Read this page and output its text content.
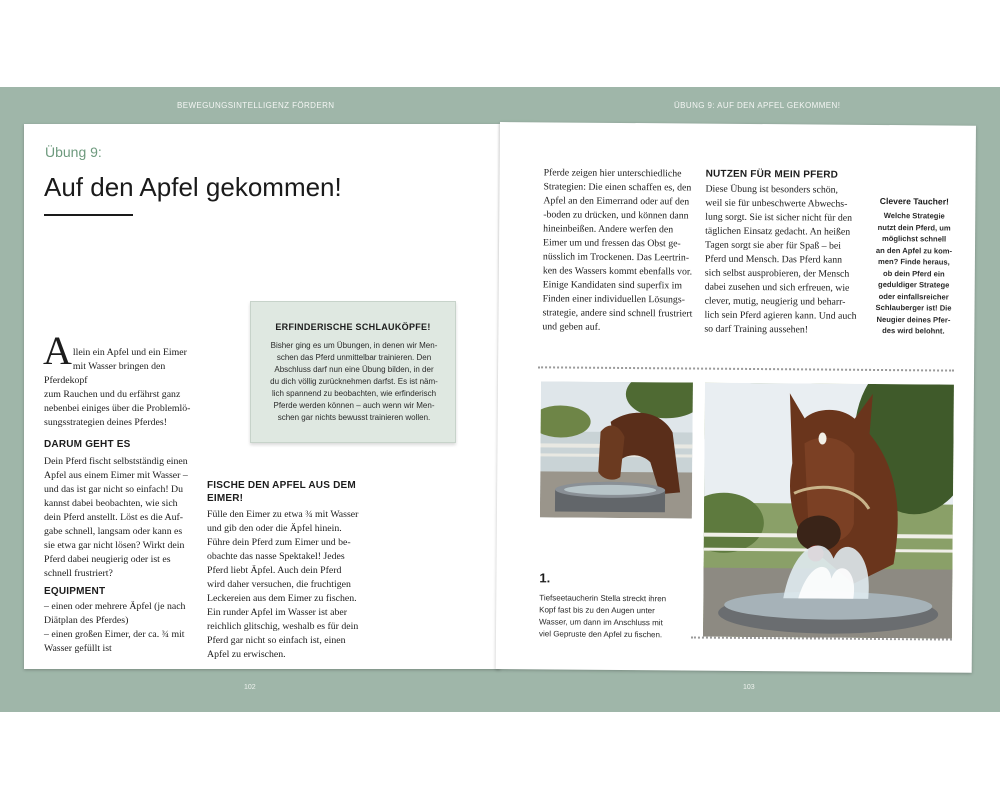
BEWEGUNGSINTELLIGENZ FÖRDERN	ÜBUNG 9: AUF DEN APFEL GEKOMMEN!
Übung 9:
Auf den Apfel gekommen!
A llein ein Apfel und ein Eimer
mit Wasser bringen den Pferdekopf
zum Rauchen und du erfährst ganz
nebenbei einiges über die Problemlö-
sungsstrategien deines Pferdes!
DARUM GEHT ES
Dein Pferd fischt selbstständig einen
Apfel aus einem Eimer mit Wasser –
und das ist gar nicht so einfach! Du
kannst dabei beobachten, wie sich
dein Pferd anstellt. Löst es die Auf-
gabe schnell, langsam oder kann es
sie etwa gar nicht lösen? Wirkt dein
Pferd dabei neugierig oder ist es
schnell frustriert?
EQUIPMENT
– einen oder mehrere Äpfel (je nach
Diätplan des Pferdes)
– einen großen Eimer, der ca. ¾ mit
Wasser gefüllt ist
ERFINDERISCHE SCHLAUKÖPFE!
Bisher ging es um Übungen, in denen wir Men-
schen das Pferd unmittelbar trainieren. Den
Abschluss darf nun eine Übung bilden, in der
du dich völlig zurücknehmen darfst. Es ist näm-
lich spannend zu beobachten, wie erfinderisch
Pferde werden können – auch wenn wir Men-
schen gar nichts bewusst trainieren wollen.
FISCHE DEN APFEL AUS DEM
EIMER!
Fülle den Eimer zu etwa ¾ mit Wasser
und gib den oder die Äpfel hinein.
Führe dein Pferd zum Eimer und be-
obachte das nasse Spektakel! Jedes
Pferd liebt Äpfel. Auch dein Pferd
wird daher versuchen, die fruchtigen
Leckereien aus dem Eimer zu fischen.
Ein runder Apfel im Wasser ist aber
reichlich glitschig, weshalb es für dein
Pferd gar nicht so einfach ist, einen
Apfel zu erwischen.
Pferde zeigen hier unterschiedliche
Strategien: Die einen schaffen es, den
Apfel an den Eimerrand oder auf den
-boden zu drücken, und können dann
hineinbeißen. Andere werfen den
Eimer um und fressen das Obst ge-
nüsslich im Trockenen. Das Leertrin-
ken des Wassers kommt ebenfalls vor.
Einige Kandidaten sind superfix im
Finden einer individuellen Lösungs-
strategie, andere sind schnell frustriert
und geben auf.
NUTZEN FÜR MEIN PFERD
Diese Übung ist besonders schön,
weil sie für unbeschwerte Abwechs-
lung sorgt. Sie ist sicher nicht für den
täglichen Einsatz gedacht. An heißen
Tagen sorgt sie aber für Spaß – bei
Pferd und Mensch. Das Pferd kann
sich selbst ausprobieren, der Mensch
dabei zusehen und sich erfreuen, wie
clever, mutig, neugierig und beharr-
lich sein Pferd agieren kann. Und auch
so darf Training aussehen!
Clevere Taucher!
Welche Strategie
nutzt dein Pferd, um
möglichst schnell
an den Apfel zu kom-
men? Finde heraus,
ob dein Pferd ein
geduldiger Stratege
oder einfallsreicher
Schlauberger ist! Die
Neugier deines Pfer-
des wird belohnt.
1.
Tiefseetaucherin Stella streckt ihren
Kopf fast bis zu den Augen unter
Wasser, um dann im Anschluss mit
viel Gepruste den Apfel zu fischen.
102	103
